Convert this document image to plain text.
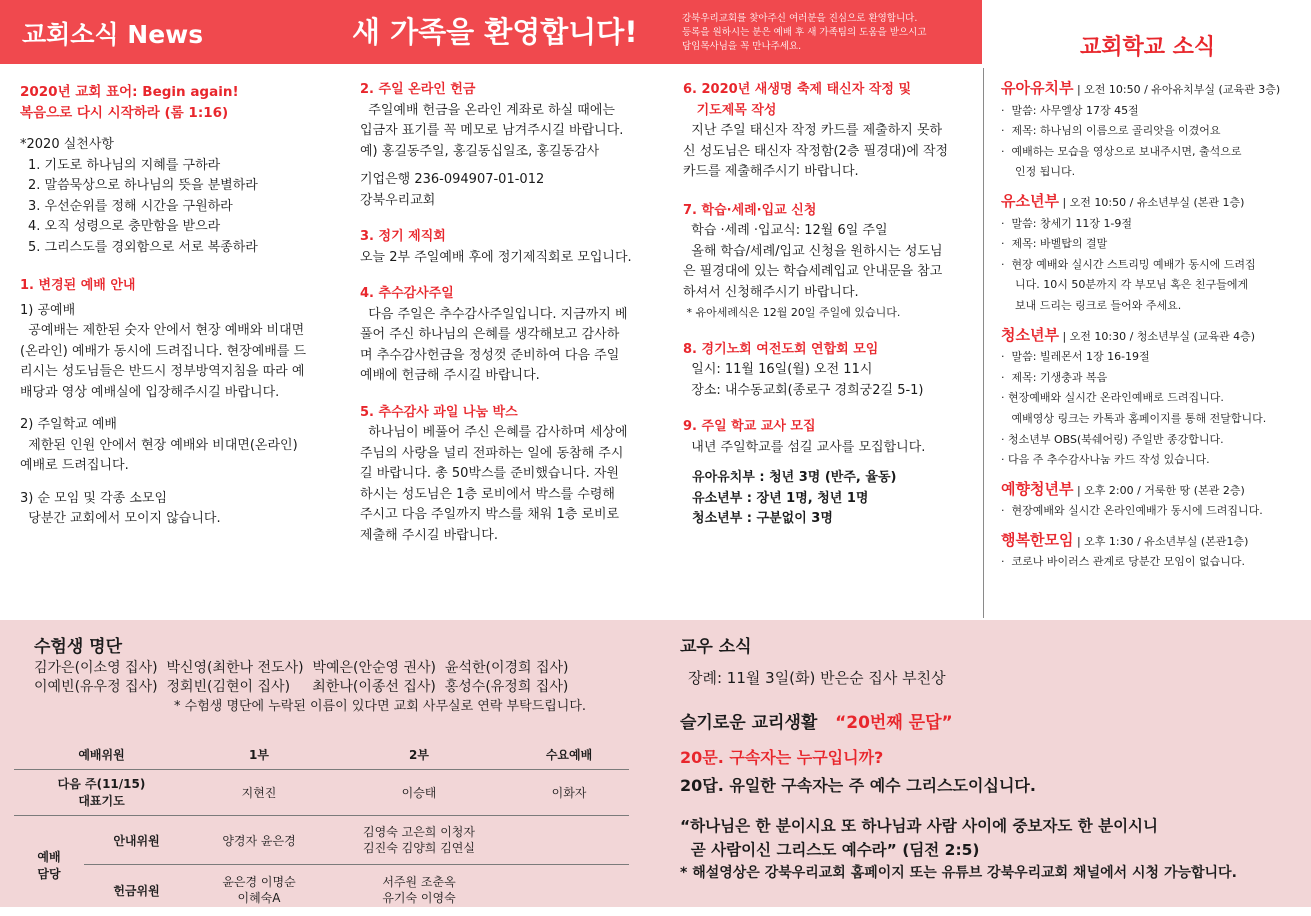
교회소식 News	새 가족을 환영합니다!	강북우리교회를 찾아주신 여러분을 진심으로 환영합니다.
등록을 원하시는 분은 예배 후 새 가족팀의 도움을 받으시고
담임목사님을 꼭 만나주세요.	교회학교 소식

2020년 교회 표어: Begin again!

복음으로 다시 시작하라 (롬 1:16)

*2020 실천사항

1. 기도로 하나님의 지혜를 구하라

2. 말씀묵상으로 하나님의 뜻을 분별하라

3. 우선순위를 정해 시간을 구원하라

4. 오직 성령으로 충만함을 받으라

5. 그리스도를 경외함으로 서로 복종하라

1. 변경된 예배 안내

1) 공예배

공예배는 제한된 숫자 안에서 현장 예배와 비대면

(온라인) 예배가 동시에 드려집니다. 현장예배를 드

리시는 성도님들은 반드시 정부방역지침을 따라 예

배당과 영상 예배실에 입장해주시길 바랍니다.

2) 주일학교 예배

제한된 인원 안에서 현장 예배와 비대면(온라인)

예배로 드려집니다.

3) 순 모임 및 각종 소모임

당분간 교회에서 모이지 않습니다.

2. 주일 온라인 헌금

주일예배 헌금을 온라인 계좌로 하실 때에는

입금자 표기를 꼭 메모로 남겨주시길 바랍니다.

예) 홍길동주일, 홍길동십일조, 홍길동감사

기업은행 236-094907-01-012

강북우리교회

3. 정기 제직회

오늘 2부 주일예배 후에 정기제직회로 모입니다.

4. 추수감사주일

다음 주일은 추수감사주일입니다. 지금까지 베

풀어 주신 하나님의 은혜를 생각해보고 감사하

며 추수감사헌금을 정성껏 준비하여 다음 주일

예배에 헌금해 주시길 바랍니다.

5. 추수감사 과일 나눔 박스

하나님이 베풀어 주신 은혜를 감사하며 세상에

주님의 사랑을 널리 전파하는 일에 동참해 주시

길 바랍니다. 총 50박스를 준비했습니다. 자원

하시는 성도님은 1층 로비에서 박스를 수령해

주시고 다음 주일까지 박스를 채워 1층 로비로

제출해 주시길 바랍니다.

6. 2020년 새생명 축제 태신자 작정 및

기도제목 작성

지난 주일 태신자 작정 카드를 제출하지 못하

신 성도님은 태신자 작정함(2층 필경대)에 작정

카드를 제출해주시기 바랍니다.

7. 학습·세례·입교 신청

학습 ·세례 ·입교식: 12월 6일 주일

올해 학습/세례/입교 신청을 원하시는 성도님

은 필경대에 있는 학습세례입교 안내문을 참고

하셔서 신청해주시기 바랍니다.

* 유아세례식은 12월 20일 주일에 있습니다.

8. 경기노회 여전도회 연합회 모임

일시: 11월 16일(월) 오전 11시

장소: 내수동교회(종로구 경희궁2길 5-1)

9. 주일 학교 교사 모집

내년 주일학교를 섬길 교사를 모집합니다.

유아유치부 : 청년 3명 (반주, 율동)

유소년부 : 장년 1명, 청년 1명

청소년부 : 구분없이 3명

유아유치부 | 오전 10:50 / 유아유치부실 (교육관 3층)

·  말씀: 사무엘상 17장 45절

·  제목: 하나님의 이름으로 골리앗을 이겼어요

·  예배하는 모습을 영상으로 보내주시면, 출석으로

인정 됩니다.

유소년부 | 오전 10:50 / 유소년부실 (본관 1층)

·  말씀: 창세기 11장 1-9절

·  제목: 바벨탑의 결말

·  현장 예배와 실시간 스트리밍 예배가 동시에 드려집

니다. 10시 50분까지 각 부모님 혹은 친구들에게

보내 드리는 링크로 들어와 주세요.

청소년부 | 오전 10:30 / 청소년부실 (교육관 4층)

·  말씀: 빌레몬서 1장 16-19절

·  제목: 기생충과 복음

· 현장예배와 실시간 온라인예배로 드려집니다.

예배영상 링크는 카톡과 홈페이지를 통해 전달합니다.

· 청소년부 OBS(북쉐어링) 주일반 종강합니다.

· 다음 주 추수감사나눔 카드 작성 있습니다.

예향청년부 | 오후 2:00 / 거룩한 땅 (본관 2층)

·  현장예배와 실시간 온라인예배가 동시에 드려집니다.

행복한모임 | 오후 1:30 / 유소년부실 (본관1층)

·  코로나 바이러스 관계로 당분간 모임이 없습니다.

수험생 명단

김가은(이소영 집사)  박신영(최한나 전도사)  박예은(안순영 권사)  윤석한(이경희 집사)

이예빈(유우정 집사)  정회빈(김현이 집사)     최한나(이종선 집사)  홍성수(유정희 집사)

* 수험생 명단에 누락된 이름이 있다면 교회 사무실로 연락 부탁드립니다.

예배위원	1부	2부	수요예배
다음 주(11/15)
대표기도	지현진	이승태	이화자
예배
담당
안내위원	양경자 윤은경	김영숙 고은희 이청자
김진숙 김양희 김연실	
헌금위원	윤은경 이명순
이혜숙A	서주원 조춘옥
유기숙 이영숙	

교우 소식

장례: 11월 3일(화) 반은순 집사 부친상

슬기로운 교리생활 “20번째 문답”

20문. 구속자는 누구입니까?

20답. 유일한 구속자는 주 예수 그리스도이십니다.

“하나님은 한 분이시요 또 하나님과 사람 사이에 중보자도 한 분이시니

곧 사람이신 그리스도 예수라” (딤전 2:5)

* 해설영상은 강북우리교회 홈페이지 또는 유튜브 강북우리교회 채널에서 시청 가능합니다.
